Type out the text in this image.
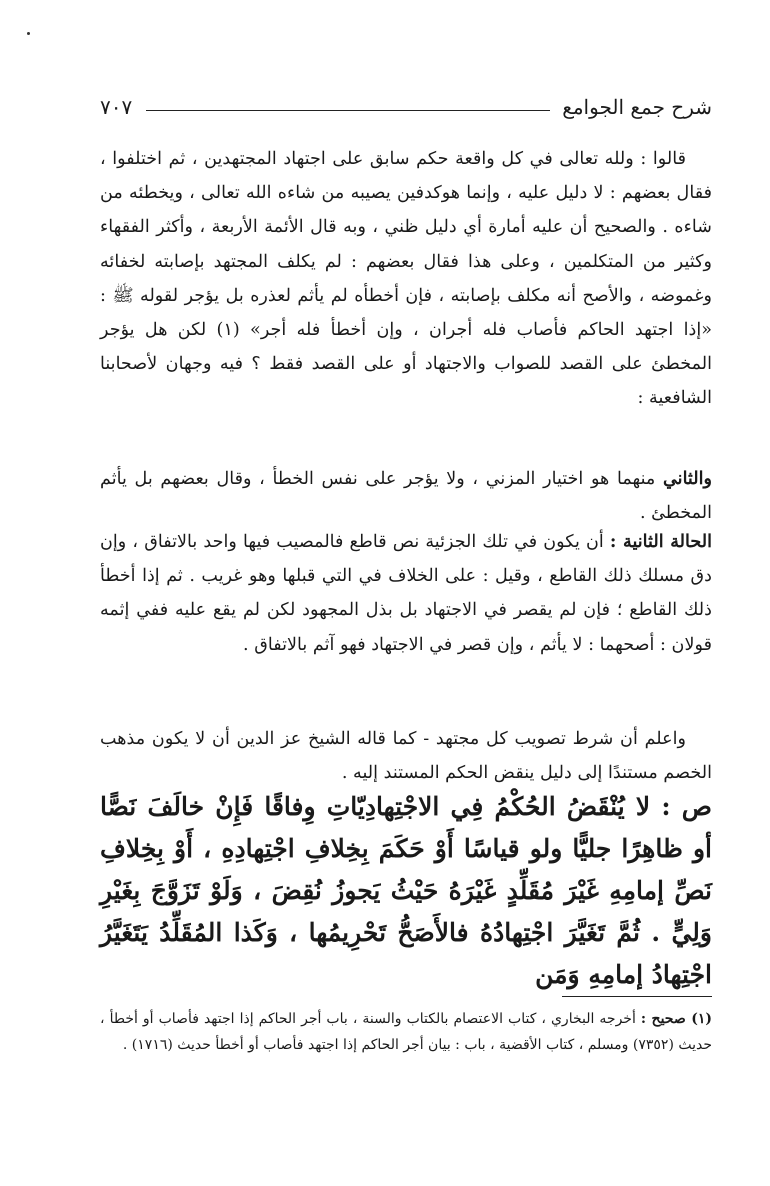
شرح جمع الجوامع
٧٠٧

قالوا : ولله تعالى في كل واقعة حكم سابق على اجتهاد المجتهدين ، ثم اختلفوا ، فقال بعضهم : لا دليل عليه ، وإنما هوكدفين يصيبه من شاءه الله تعالى ، ويخطئه من شاءه . والصحيح أن عليه أمارة أي دليل ظني ، وبه قال الأئمة الأربعة ، وأكثر الفقهاء وكثير من المتكلمين ، وعلى هذا فقال بعضهم : لم يكلف المجتهد بإصابته لخفائه وغموضه ، والأصح أنه مكلف بإصابته ، فإن أخطأه لم يأثم لعذره بل يؤجر لقوله ﷺ : «إذا اجتهد الحاكم فأصاب فله أجران ، وإن أخطأ فله أجر» (١) لكن هل يؤجر المخطئ على القصد للصواب والاجتهاد أو على القصد فقط ؟ فيه وجهان لأصحابنا الشافعية :

والثاني منهما هو اختيار المزني ، ولا يؤجر على نفس الخطأ ، وقال بعضهم بل يأثم المخطئ .

الحالة الثانية : أن يكون في تلك الجزئية نص قاطع فالمصيب فيها واحد بالاتفاق ، وإن دق مسلك ذلك القاطع ، وقيل : على الخلاف في التي قبلها وهو غريب . ثم إذا أخطأ ذلك القاطع ؛ فإن لم يقصر في الاجتهاد بل بذل المجهود لكن لم يقع عليه ففي إثمه قولان : أصحهما : لا يأثم ، وإن قصر في الاجتهاد فهو آثم بالاتفاق .

واعلم أن شرط تصويب كل مجتهد - كما قاله الشيخ عز الدين أن لا يكون مذهب الخصم مستندًا إلى دليل ينقض الحكم المستند إليه .

ص : لا يُنْقَضُ الحُكْمُ فِي الاجْتِهادِيّاتِ وِفاقًا فَإِنْ خالَفَ نَصًّا أو ظاهِرًا جليًّا ولو قياسًا أَوْ حَكَمَ بِخِلافِ اجْتِهادِهِ ، أَوْ بِخِلافِ نَصِّ إمامِهِ غَيْرَ مُقَلِّدٍ غَيْرَهُ حَيْثُ يَجوزُ نُقِضَ ، وَلَوْ تَزَوَّجَ بِغَيْرِ وَلِيٍّ . ثُمَّ تَغَيَّرَ اجْتِهادُهُ فالأَصَحُّ تَحْرِيمُها ، وَكَذا المُقَلِّدُ يَتَغَيَّرُ اجْتِهادُ إمامِهِ وَمَن

(١) صحيح : أخرجه البخاري ، كتاب الاعتصام بالكتاب والسنة ، باب أجر الحاكم إذا اجتهد فأصاب أو أخطأ ، حديث (٧٣٥٢) ومسلم ، كتاب الأقضية ، باب : بيان أجر الحاكم إذا اجتهد فأصاب أو أخطأ حديث (١٧١٦) .
